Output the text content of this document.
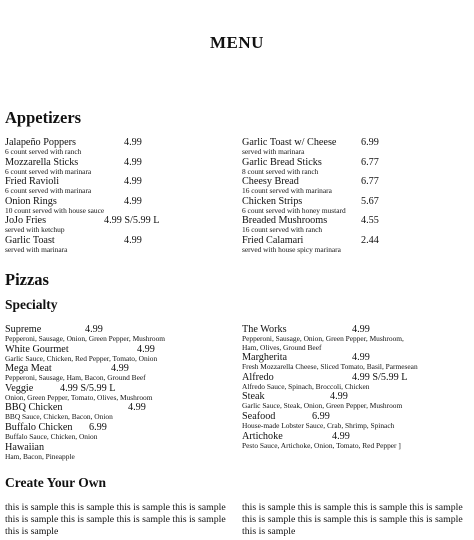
MENU
Appetizers
Jalapeño Poppers	4.99
6 count served with ranch
Mozzarella Sticks	4.99
6 count served with marinara
Fried Ravioli	4.99
6 count served with marinara
Onion Rings	4.99
10 count served with house sauce
JoJo Fries	4.99 S/5.99 L
served with ketchup
Garlic Toast	4.99
served with marinara
Garlic Toast w/ Cheese 6.99
served with marinara
Garlic Bread Sticks	6.77
8 count served with ranch
Cheesy Bread	6.77
16 count served with marinara
Chicken Strips	5.67
6 count served with honey mustard
Breaded Mushrooms	4.55
16 count served with ranch
Fried Calamari	2.44
served with house spicy marinara
Pizzas
Specialty
Supreme	4.99
Pepperoni, Sausage, Onion, Green Pepper, Mushroom
White Gourmet	4.99
Garlic Sauce, Chicken, Red Pepper, Tomato, Onion
Mega Meat	4.99
Pepperoni, Sausage, Ham, Bacon, Ground Beef
Veggie	4.99 S/5.99 L
Onion, Green Pepper, Tomato, Olives, Mushroom
BBQ Chicken	4.99
BBQ Sauce, Chicken, Bacon, Onion
Buffalo Chicken 6.99
Buffalo Sauce, Chicken, Onion
Hawaiian
Ham, Bacon, Pineapple
The Works	4.99
Pepperoni, Sausage, Onion, Green Pepper, Mushroom,
Ham, Olives, Ground Beef
Margherita	4.99
Fresh Mozzarella Cheese, Sliced Tomato, Basil, Parmesean
Alfredo	4.99 S/5.99 L
Alfredo Sauce, Spinach, Broccoli, Chicken
Steak	4.99
Garlic Sauce, Steak, Onion, Green Pepper, Mushroom
Seafood	6.99
House-made Lobster Sauce, Crab, Shrimp, Spinach
Artichoke	4.99
Pesto Sauce, Artichoke, Onion, Tomato, Red Pepper ]
Create Your Own
this is sample this is sample this is sample this is sample this is sample this is sample this is sample this is sample this is sample
this is sample this is sample this is sample this is sample this is sample this is sample this is sample this is sample this is sample
